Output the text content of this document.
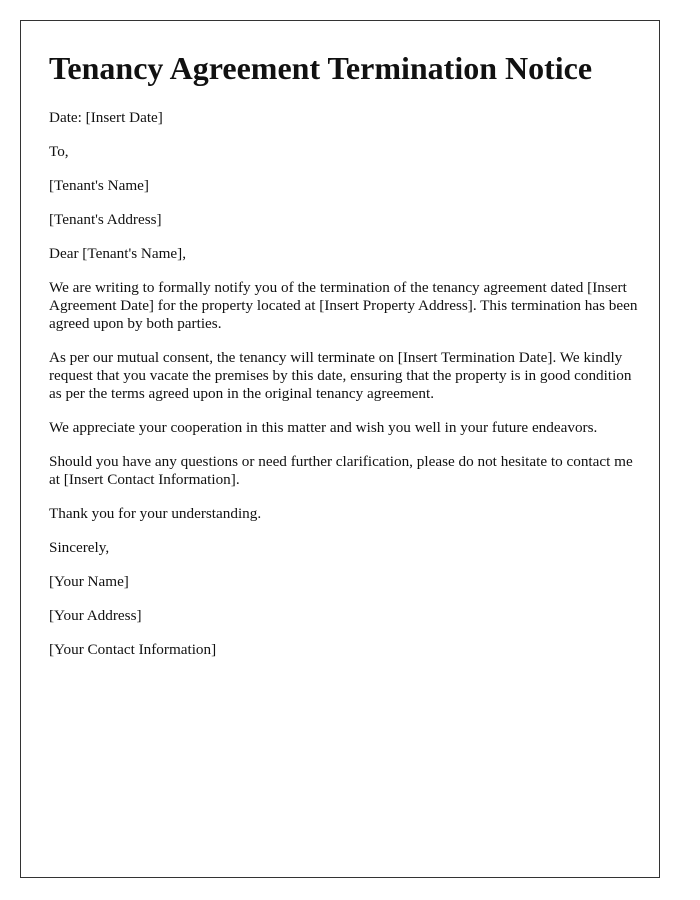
Tenancy Agreement Termination Notice

Date: [Insert Date]

To,

[Tenant's Name]

[Tenant's Address]

Dear [Tenant's Name],

We are writing to formally notify you of the termination of the tenancy agreement dated [Insert Agreement Date] for the property located at [Insert Property Address]. This termination has been agreed upon by both parties.

As per our mutual consent, the tenancy will terminate on [Insert Termination Date]. We kindly request that you vacate the premises by this date, ensuring that the property is in good condition as per the terms agreed upon in the original tenancy agreement.

We appreciate your cooperation in this matter and wish you well in your future endeavors.

Should you have any questions or need further clarification, please do not hesitate to contact me at [Insert Contact Information].

Thank you for your understanding.

Sincerely,

[Your Name]

[Your Address]

[Your Contact Information]
